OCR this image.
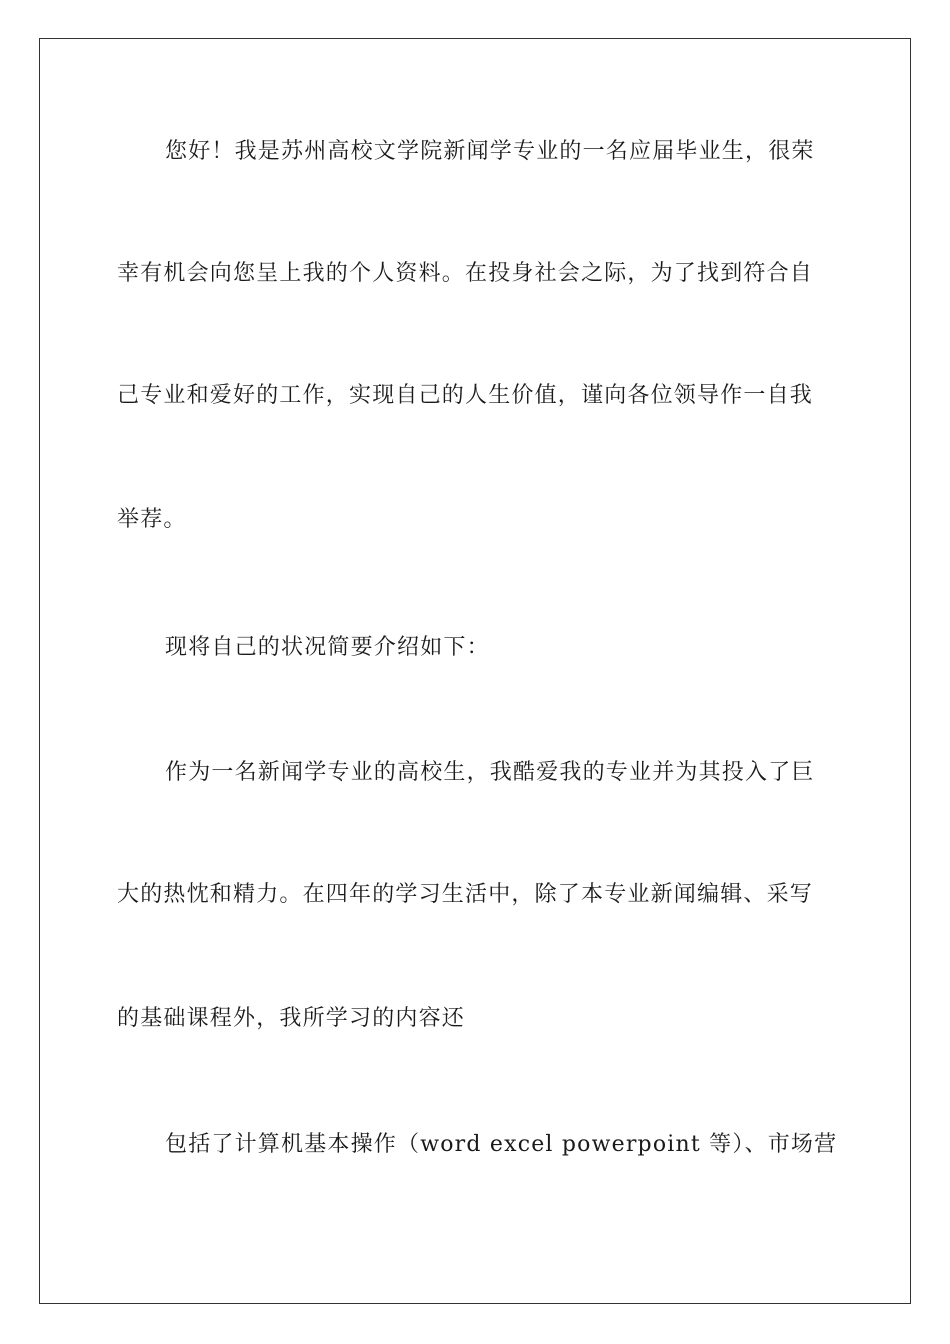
您好！我是苏州高校文学院新闻学专业的一名应届毕业生，很荣
幸有机会向您呈上我的个人资料。在投身社会之际，为了找到符合自
己专业和爱好的工作，实现自己的人生价值，谨向各位领导作一自我
举荐。
现将自己的状况简要介绍如下：
作为一名新闻学专业的高校生，我酷爱我的专业并为其投入了巨
大的热忱和精力。在四年的学习生活中，除了本专业新闻编辑、采写
的基础课程外，我所学习的内容还
包括了计算机基本操作（word excel powerpoint 等）、市场营
